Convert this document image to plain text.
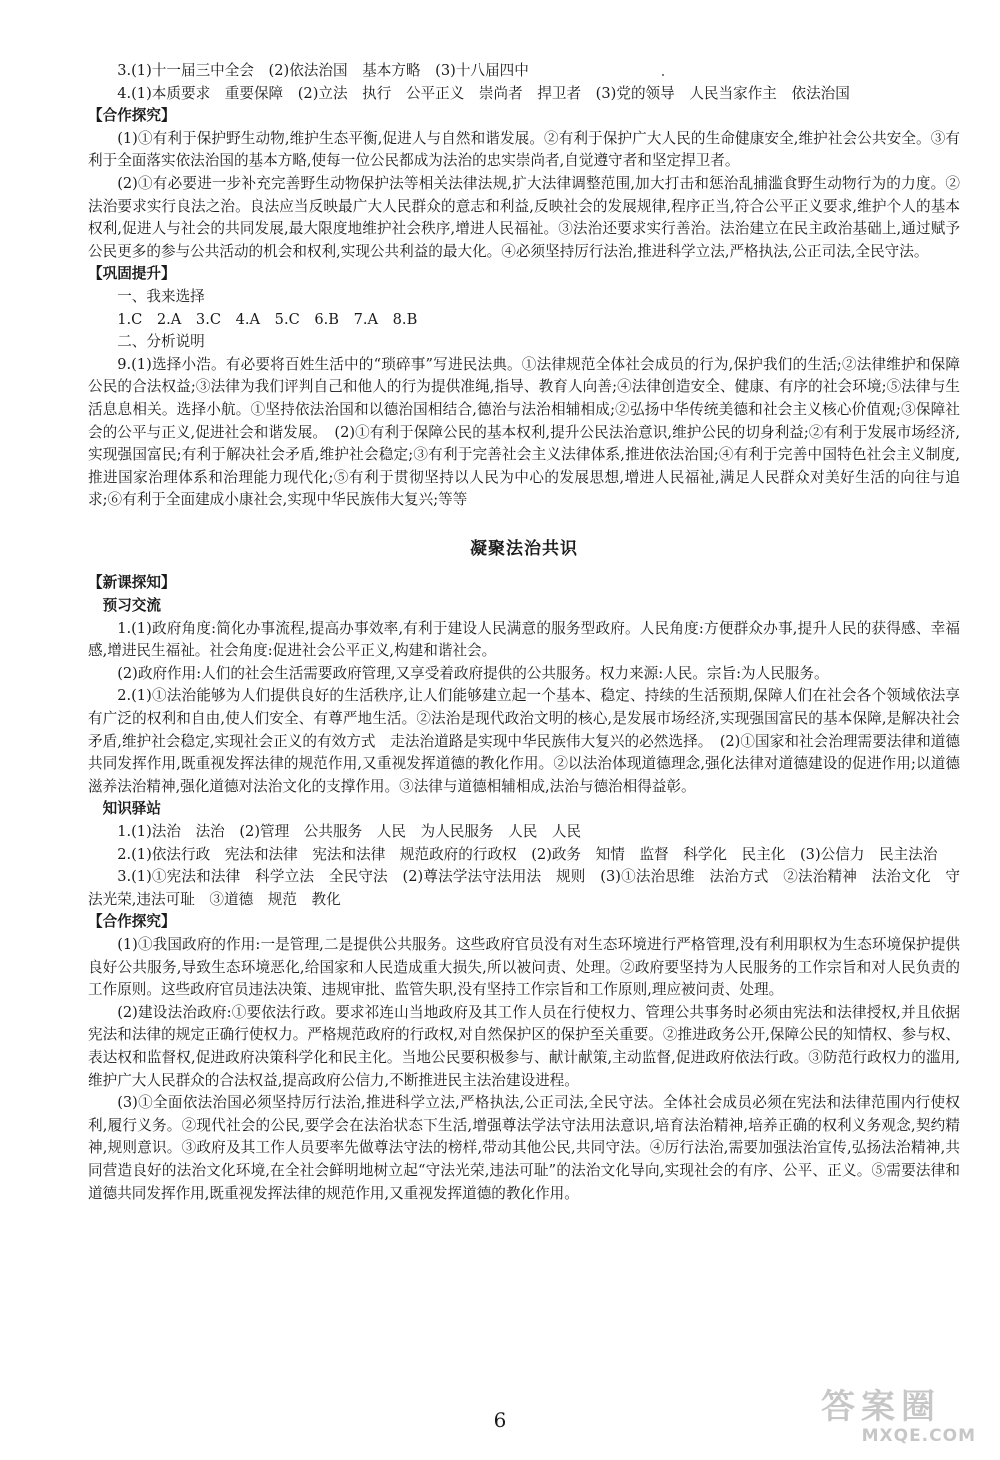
3.(1)十一届三中全会　(2)依法治国　基本方略　(3)十八届四中

4.(1)本质要求　重要保障　(2)立法　执行　公平正义　崇尚者　捍卫者　(3)党的领导　人民当家作主　依法治国

【合作探究】

(1)①有利于保护野生动物,维护生态平衡,促进人与自然和谐发展。②有利于保护广大人民的生命健康安全,维护社会公共安全。③有利于全面落实依法治国的基本方略,使每一位公民都成为法治的忠实崇尚者,自觉遵守者和坚定捍卫者。

(2)①有必要进一步补充完善野生动物保护法等相关法律法规,扩大法律调整范围,加大打击和惩治乱捕滥食野生动物行为的力度。②法治要求实行良法之治。良法应当反映最广大人民群众的意志和利益,反映社会的发展规律,程序正当,符合公平正义要求,维护个人的基本权利,促进人与社会的共同发展,最大限度地维护社会秩序,增进人民福祉。③法治还要求实行善治。法治建立在民主政治基础上,通过赋予公民更多的参与公共活动的机会和权利,实现公共利益的最大化。④必须坚持厉行法治,推进科学立法,严格执法,公正司法,全民守法。

【巩固提升】

一、我来选择

1.C　2.A　3.C　4.A　5.C　6.B　7.A　8.B

二、分析说明

9.(1)选择小浩。有必要将百姓生活中的“琐碎事”写进民法典。①法律规范全体社会成员的行为,保护我们的生活;②法律维护和保障公民的合法权益;③法律为我们评判自己和他人的行为提供准绳,指导、教育人向善;④法律创造安全、健康、有序的社会环境;⑤法律与生活息息相关。选择小航。①坚持依法治国和以德治国相结合,德治与法治相辅相成;②弘扬中华传统美德和社会主义核心价值观;③保障社会的公平与正义,促进社会和谐发展。　(2)①有利于保障公民的基本权利,提升公民法治意识,维护公民的切身利益;②有利于发展市场经济,实现强国富民;有利于解决社会矛盾,维护社会稳定;③有利于完善社会主义法律体系,推进依法治国;④有利于完善中国特色社会主义制度,推进国家治理体系和治理能力现代化;⑤有利于贯彻坚持以人民为中心的发展思想,增进人民福祉,满足人民群众对美好生活的向往与追求;⑥有利于全面建成小康社会,实现中华民族伟大复兴;等等

凝聚法治共识
【新课探知】
预习交流

1.(1)政府角度:简化办事流程,提高办事效率,有利于建设人民满意的服务型政府。人民角度:方便群众办事,提升人民的获得感、幸福感,增进民生福祉。社会角度:促进社会公平正义,构建和谐社会。

(2)政府作用:人们的社会生活需要政府管理,又享受着政府提供的公共服务。权力来源:人民。宗旨:为人民服务。

2.(1)①法治能够为人们提供良好的生活秩序,让人们能够建立起一个基本、稳定、持续的生活预期,保障人们在社会各个领域依法享有广泛的权利和自由,使人们安全、有尊严地生活。②法治是现代政治文明的核心,是发展市场经济,实现强国富民的基本保障,是解决社会矛盾,维护社会稳定,实现社会正义的有效方式　走法治道路是实现中华民族伟大复兴的必然选择。　(2)①国家和社会治理需要法律和道德共同发挥作用,既重视发挥法律的规范作用,又重视发挥道德的教化作用。②以法治体现道德理念,强化法律对道德建设的促进作用;以道德滋养法治精神,强化道德对法治文化的支撑作用。③法律与道德相辅相成,法治与德治相得益彰。

知识驿站

1.(1)法治　法治　(2)管理　公共服务　人民　为人民服务　人民　人民

2.(1)依法行政　宪法和法律　宪法和法律　规范政府的行政权　(2)政务　知情　监督　科学化　民主化　(3)公信力　民主法治

3.(1)①宪法和法律　科学立法　全民守法　(2)尊法学法守法用法　规则　(3)①法治思维　法治方式　②法治精神　法治文化　守法光荣,违法可耻　③道德　规范　教化

【合作探究】

(1)①我国政府的作用:一是管理,二是提供公共服务。这些政府官员没有对生态环境进行严格管理,没有利用职权为生态环境保护提供良好公共服务,导致生态环境恶化,给国家和人民造成重大损失,所以被问责、处理。②政府要坚持为人民服务的工作宗旨和对人民负责的工作原则。这些政府官员违法决策、违规审批、监管失职,没有坚持工作宗旨和工作原则,理应被问责、处理。

(2)建设法治政府:①要依法行政。要求祁连山当地政府及其工作人员在行使权力、管理公共事务时必须由宪法和法律授权,并且依据宪法和法律的规定正确行使权力。严格规范政府的行政权,对自然保护区的保护至关重要。②推进政务公开,保障公民的知情权、参与权、表达权和监督权,促进政府决策科学化和民主化。当地公民要积极参与、献计献策,主动监督,促进政府依法行政。③防范行政权力的滥用,维护广大人民群众的合法权益,提高政府公信力,不断推进民主法治建设进程。

(3)①全面依法治国必须坚持厉行法治,推进科学立法,严格执法,公正司法,全民守法。全体社会成员必须在宪法和法律范围内行使权利,履行义务。②现代社会的公民,要学会在法治状态下生活,增强尊法学法守法用法意识,培育法治精神,培养正确的权利义务观念,契约精神,规则意识。③政府及其工作人员要率先做尊法守法的榜样,带动其他公民,共同守法。④厉行法治,需要加强法治宣传,弘扬法治精神,共同营造良好的法治文化环境,在全社会鲜明地树立起“守法光荣,违法可耻”的法治文化导向,实现社会的有序、公平、正义。⑤需要法律和道德共同发挥作用,既重视发挥法律的规范作用,又重视发挥道德的教化作用。

6	答案圈
MXQE.COM
